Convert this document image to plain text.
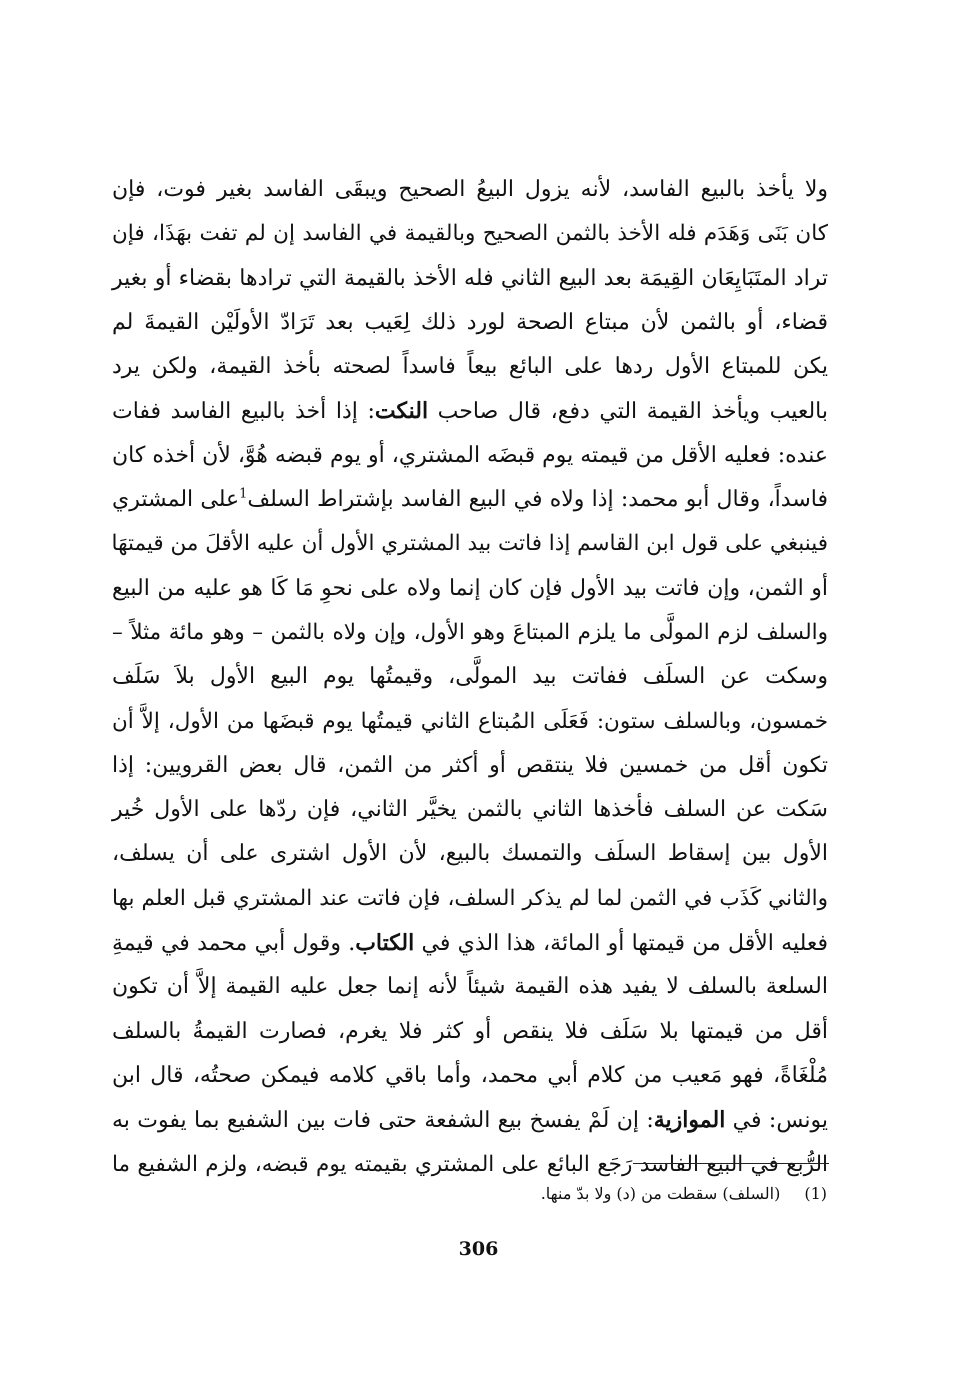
ولا يأخذ بالبيع الفاسد، لأنه يزول البيعُ الصحيح ويبقَى الفاسد بغير فوت، فإن
كان بَنَى وَهَدَم فله الأخذ بالثمن الصحيح وبالقيمة في الفاسد إن لم تفت بهَذَا، فإن
تراد المتَبَايِعَان القِيمَة بعد البيع الثاني فله الأخذ بالقيمة التي ترادها بقضاء أو بغير
قضاء، أو بالثمن لأن مبتاع الصحة لورد ذلك لِعَيب بعد تَرَادّ الأولَيْن القيمةَ لم
يكن للمبتاع الأول ردها على البائع بيعاً فاسداً لصحته بأخذ القيمة، ولكن يرد
بالعيب ويأخذ القيمة التي دفع، قال صاحب النكت: إذا أخذ بالبيع الفاسد ففات
عنده: فعليه الأقل من قيمته يوم قبضَه المشتري، أو يوم قبضه هُوَّ، لأن أخذه كان
فاسداً، وقال أبو محمد: إذا ولاه في البيع الفاسد بإشتراط السلف$^1$على المشتري
فينبغي على قول ابن القاسم إذا فاتت بيد المشتري الأول أن عليه الأقلَ من قيمتهَا
أو الثمن، وإن فاتت بيد الأول فإن كان إنما ولاه على نحوِ مَا كَا هو عليه من البيع
والسلف لزم المولَّى ما يلزم المبتاعَ وهو الأول، وإن ولاه بالثمن – وهو مائة مثلاً –
وسكت عن السلَف ففاتت بيد المولَّى، وقيمتُها يوم البيع الأول بلاَ سَلَف
خمسون، وبالسلف ستون: فَعَلَى المُبتاع الثاني قيمتُها يوم قبضَها من الأول، إلاَّ أن
تكون أقل من خمسين فلا ينتقص أو أكثر من الثمن، قال بعض القرويين: إذا
سَكت عن السلف فأخذها الثاني بالثمن يخيَّر الثاني، فإن ردّها على الأول خُير
الأول بين إسقاط السلَف والتمسك بالبيع، لأن الأول اشترى على أن يسلف،
والثاني كَذَب في الثمن لما لم يذكر السلف، فإن فاتت عند المشتري قبل العلم بها
فعليه الأقل من قيمتها أو المائة، هذا الذي في الكتاب. وقول أبي محمد في قيمةِ
السلعة بالسلف لا يفيد هذه القيمة شيئاً لأنه إنما جعل عليه القيمة إلاَّ أن تكون
أقل من قيمتها بلا سَلَف فلا ينقص أو كثر فلا يغرم، فصارت القيمةُ بالسلف
مُلْغَاةً، فهو مَعيب من كلام أبي محمد، وأما باقي كلامه فيمكن صحتُه، قال ابن
يونس: في الموازية: إن لَمْ يفسخ بيع الشفعة حتى فات بين الشفيع بما يفوت به
الرُّبع في البيع الفاسد رَجَع البائع على المشتري بقيمته يوم قبضه، ولزم الشفيع ما
(1)(السلف) سقطت من (د) ولا بدّ منها.
306
